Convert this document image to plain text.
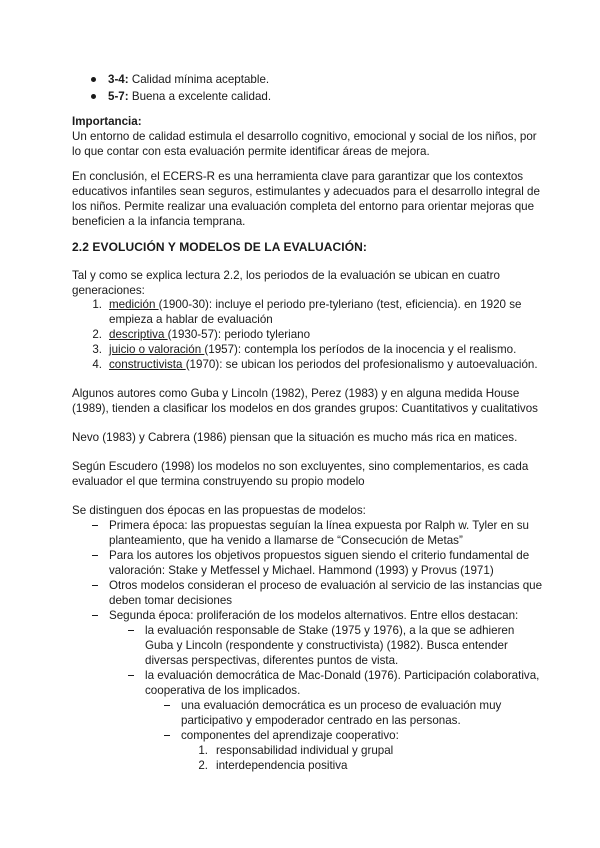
3-4: Calidad mínima aceptable.
5-7: Buena a excelente calidad.
Importancia:
Un entorno de calidad estimula el desarrollo cognitivo, emocional y social de los niños, por
lo que contar con esta evaluación permite identificar áreas de mejora.
En conclusión, el ECERS-R es una herramienta clave para garantizar que los contextos
educativos infantiles sean seguros, estimulantes y adecuados para el desarrollo integral de
los niños. Permite realizar una evaluación completa del entorno para orientar mejoras que
beneficien a la infancia temprana.
2.2 EVOLUCIÓN Y MODELOS DE LA EVALUACIÓN:
Tal y como se explica lectura 2.2, los periodos de la evaluación se ubican en cuatro
generaciones:
1. medición (1900-30): incluye el periodo pre-tyleriano (test, eficiencia). en 1920 se
empieza a hablar de evaluación
2. descriptiva (1930-57): periodo tyleriano
3. juicio o valoración (1957): contempla los períodos de la inocencia y el realismo.
4. constructivista (1970): se ubican los periodos del profesionalismo y autoevaluación.
Algunos autores como Guba y Lincoln (1982), Perez (1983) y en alguna medida House
(1989), tienden a clasificar los modelos en dos grandes grupos: Cuantitativos y cualitativos
Nevo (1983) y Cabrera (1986) piensan que la situación es mucho más rica en matices.
Según Escudero (1998) los modelos no son excluyentes, sino complementarios, es cada
evaluador el que termina construyendo su propio modelo
Se distinguen dos épocas en las propuestas de modelos:
Primera época: las propuestas seguían la línea expuesta por Ralph w. Tyler en su
planteamiento, que ha venido a llamarse de “Consecución de Metas”
Para los autores los objetivos propuestos siguen siendo el criterio fundamental de
valoración: Stake y Metfessel y Michael. Hammond (1993) y Provus (1971)
Otros modelos consideran el proceso de evaluación al servicio de las instancias que
deben tomar decisiones
Segunda época: proliferación de los modelos alternativos. Entre ellos destacan:
la evaluación responsable de Stake (1975 y 1976), a la que se adhieren
Guba y Lincoln (respondente y constructivista) (1982). Busca entender
diversas perspectivas, diferentes puntos de vista.
la evaluación democrática de Mac-Donald (1976). Participación colaborativa,
cooperativa de los implicados.
una evaluación democrática es un proceso de evaluación muy
participativo y empoderador centrado en las personas.
componentes del aprendizaje cooperativo:
1. responsabilidad individual y grupal
2. interdependencia positiva
